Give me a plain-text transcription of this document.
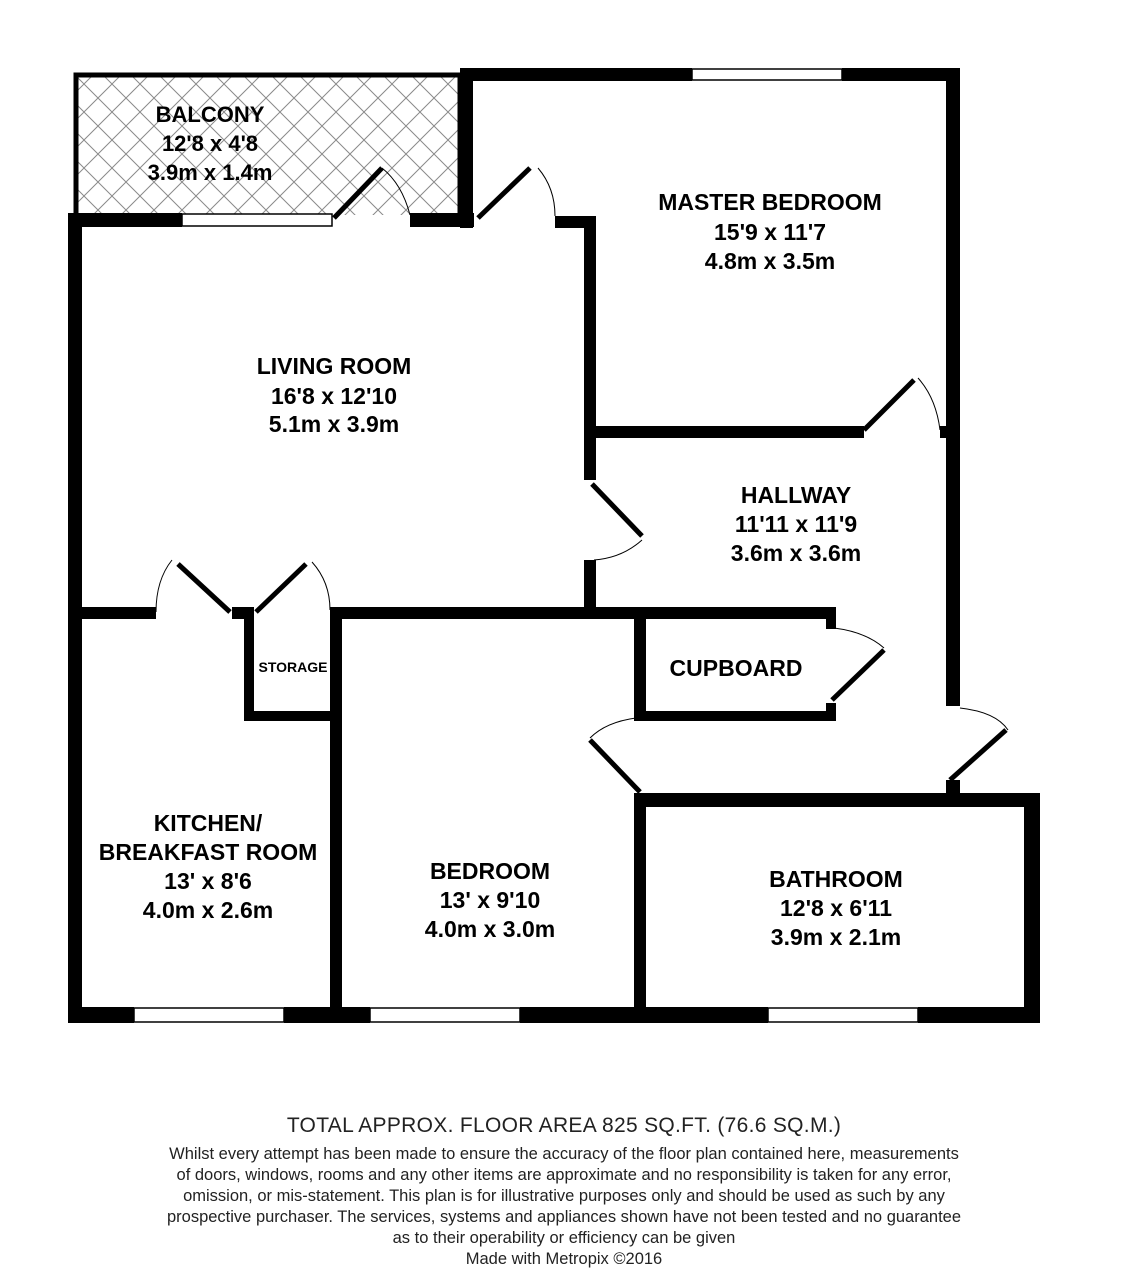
BALCONY
12'8 x 4'8
3.9m x 1.4m
MASTER BEDROOM
15'9 x 11'7
4.8m x 3.5m
LIVING ROOM
16'8 x 12'10
5.1m x 3.9m
HALLWAY
11'11 x 11'9
3.6m x 3.6m
STORAGE	CUPBOARD
KITCHEN/
BREAKFAST ROOM
13' x 8'6
4.0m x 2.6m
BEDROOM
13' x 9'10
4.0m x 3.0m
BATHROOM
12'8 x 6'11
3.9m x 2.1m
TOTAL APPROX. FLOOR AREA 825 SQ.FT. (76.6 SQ.M.)
Whilst every attempt has been made to ensure the accuracy of the floor plan contained here, measurements
of doors, windows, rooms and any other items are approximate and no responsibility is taken for any error,
omission, or mis-statement. This plan is for illustrative purposes only and should be used as such by any
prospective purchaser. The services, systems and appliances shown have not been tested and no guarantee
as to their operability or efficiency can be given
Made with Metropix ©2016
